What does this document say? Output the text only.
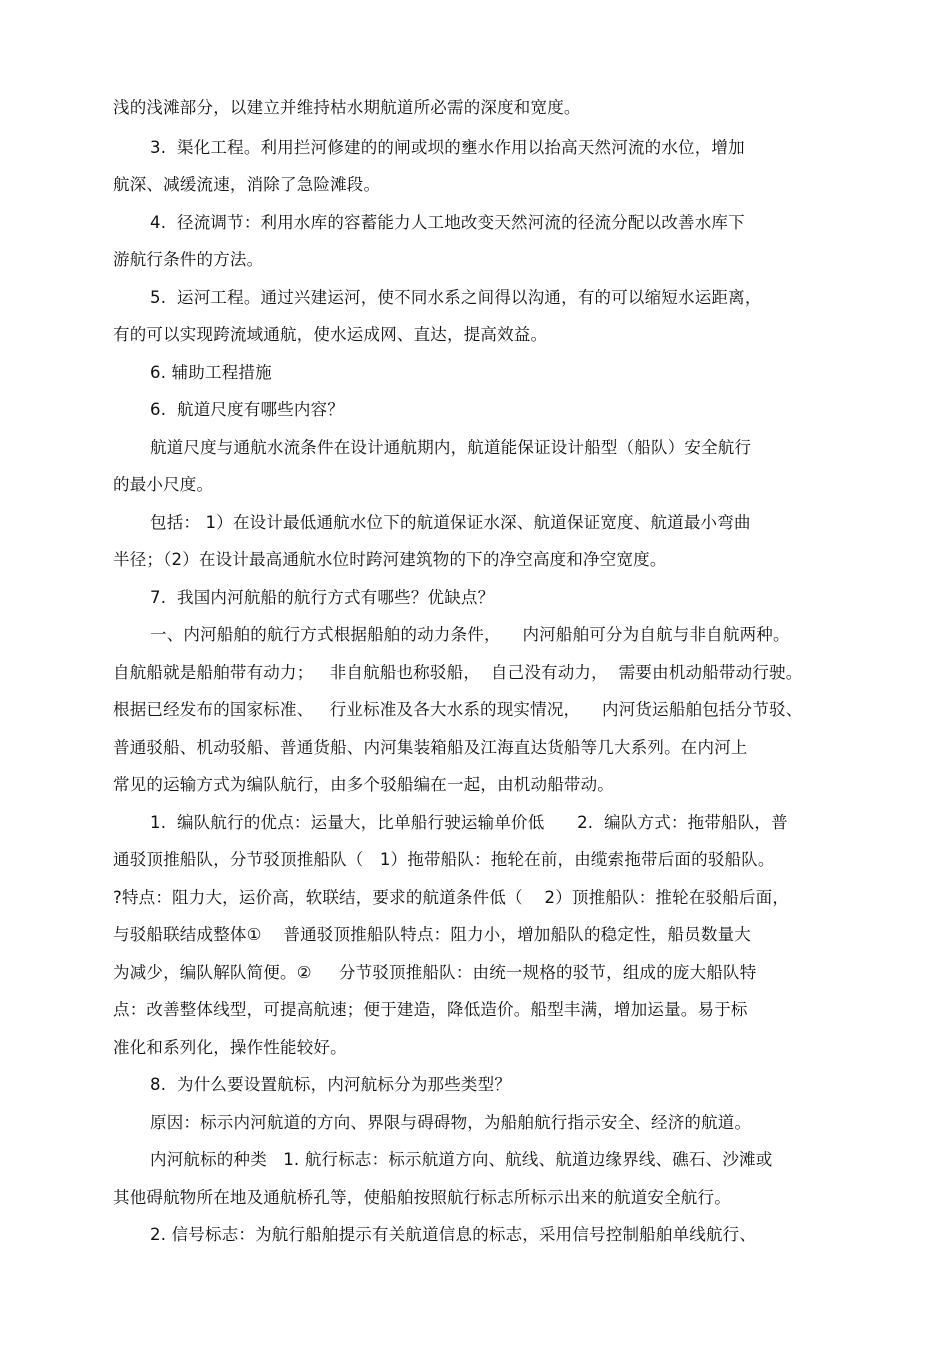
浅的浅滩部分，以建立并维持枯水期航道所必需的深度和宽度。
3.  渠化工程。利用拦河修建的的闸或坝的壅水作用以抬高天然河流的水位，增加
航深、减缓流速，消除了急险滩段。
4.  径流调节：利用水库的容蓄能力人工地改变天然河流的径流分配以改善水库下
游航行条件的方法。
5.  运河工程。通过兴建运河，使不同水系之间得以沟通，有的可以缩短水运距离，
有的可以实现跨流域通航，使水运成网、直达，提高效益。
6. 辅助工程措施
6.  航道尺度有哪些内容？
航道尺度与通航水流条件在设计通航期内，航道能保证设计船型（船队）安全航行
的最小尺度。
包括： 1）在设计最低通航水位下的航道保证水深、航道保证宽度、航道最小弯曲
半径；（2）在设计最高通航水位时跨河建筑物的下的净空高度和净空宽度。
7.  我国内河航船的航行方式有哪些？优缺点？
一、内河船舶的航行方式根据船舶的动力条件，    内河船舶可分为自航与非自航两种。
自航船就是船舶带有动力；   非自航船也称驳船，  自己没有动力，  需要由机动船带动行驶。
根据已经发布的国家标准、   行业标准及各大水系的现实情况，    内河货运船舶包括分节驳、
普通驳船、机动驳船、普通货船、内河集装箱船及江海直达货船等几大系列。在内河上
常见的运输方式为编队航行，由多个驳船编在一起，由机动船带动。
1.  编队航行的优点：运量大，比单船行驶运输单价低      2.  编队方式：拖带船队，普
通驳顶推船队，分节驳顶推船队（   1）拖带船队：拖轮在前，由缆索拖带后面的驳船队。
?特点：阻力大，运价高，软联结，要求的航道条件低（    2）顶推船队：推轮在驳船后面，
与驳船联结成整体①    普通驳顶推船队特点：阻力小，增加船队的稳定性，船员数量大
为减少，编队解队简便。②     分节驳顶推船队：由统一规格的驳节，组成的庞大船队特
点：改善整体线型，可提高航速；便于建造，降低造价。船型丰满，增加运量。易于标
准化和系列化，操作性能较好。
8.  为什么要设置航标，内河航标分为那些类型？
原因：标示内河航道的方向、界限与碍碍物，为船舶航行指示安全、经济的航道。
内河航标的种类   1. 航行标志：标示航道方向、航线、航道边缘界线、礁石、沙滩或
其他碍航物所在地及通航桥孔等，使船舶按照航行标志所标示出来的航道安全航行。
2. 信号标志：为航行船舶提示有关航道信息的标志，采用信号控制船舶单线航行、
